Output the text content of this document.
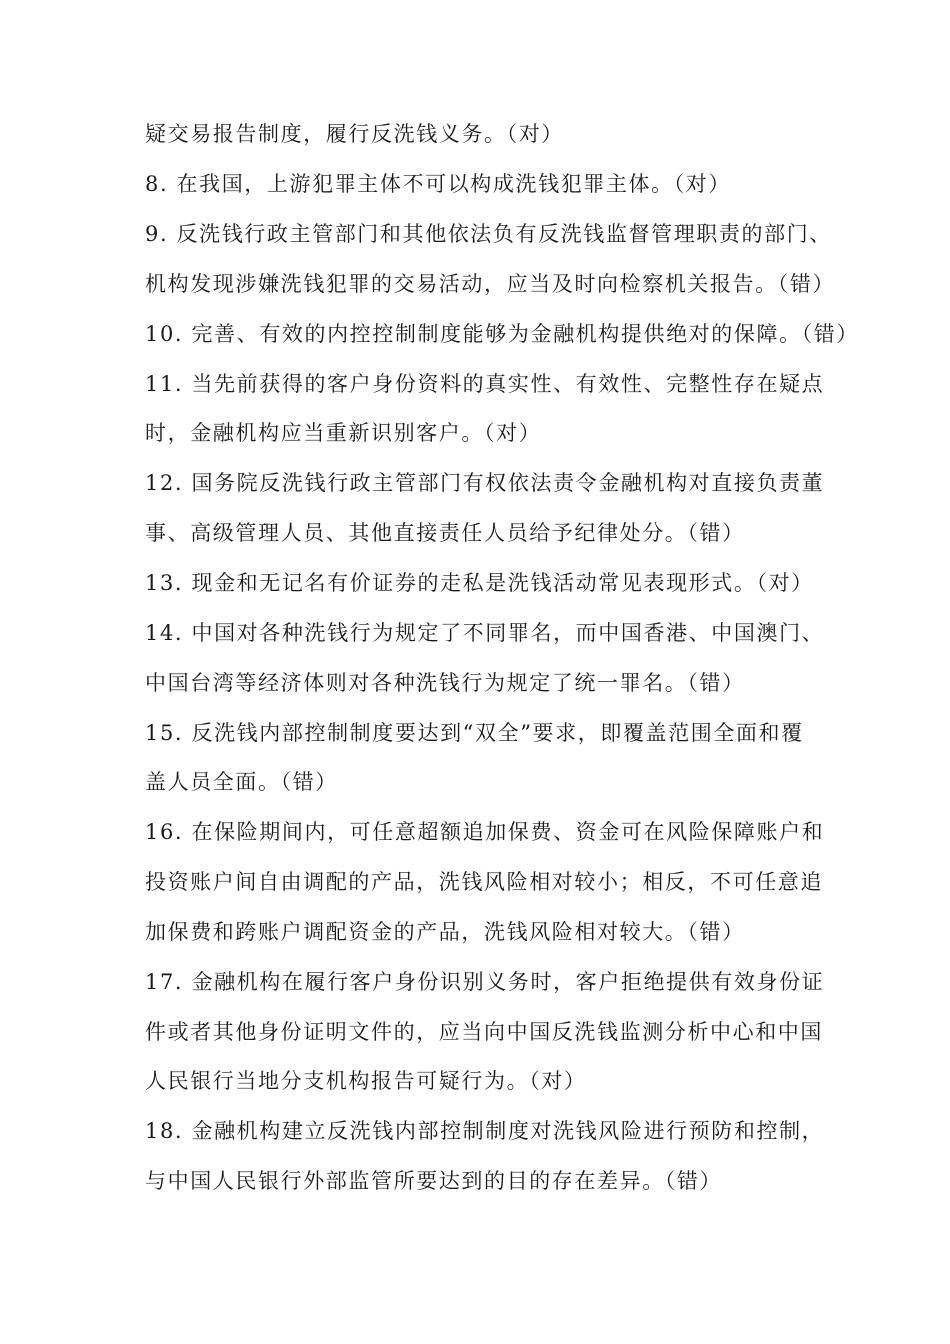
疑交易报告制度，履行反洗钱义务。（对）
8. 在我国，上游犯罪主体不可以构成洗钱犯罪主体。（对）
9. 反洗钱行政主管部门和其他依法负有反洗钱监督管理职责的部门、
机构发现涉嫌洗钱犯罪的交易活动，应当及时向检察机关报告。（错）
10. 完善、有效的内控控制制度能够为金融机构提供绝对的保障。（错）
11. 当先前获得的客户身份资料的真实性、有效性、完整性存在疑点
时，金融机构应当重新识别客户。（对）
12. 国务院反洗钱行政主管部门有权依法责令金融机构对直接负责董
事、高级管理人员、其他直接责任人员给予纪律处分。（错）
13. 现金和无记名有价证券的走私是洗钱活动常见表现形式。（对）
14. 中国对各种洗钱行为规定了不同罪名，而中国香港、中国澳门、
中国台湾等经济体则对各种洗钱行为规定了统一罪名。（错）
15. 反洗钱内部控制制度要达到“双全”要求，即覆盖范围全面和覆
盖人员全面。（错）
16. 在保险期间内，可任意超额追加保费、资金可在风险保障账户和
投资账户间自由调配的产品，洗钱风险相对较小；相反，不可任意追
加保费和跨账户调配资金的产品，洗钱风险相对较大。（错）
17. 金融机构在履行客户身份识别义务时，客户拒绝提供有效身份证
件或者其他身份证明文件的，应当向中国反洗钱监测分析中心和中国
人民银行当地分支机构报告可疑行为。（对）
18. 金融机构建立反洗钱内部控制制度对洗钱风险进行预防和控制，
与中国人民银行外部监管所要达到的目的存在差异。（错）
